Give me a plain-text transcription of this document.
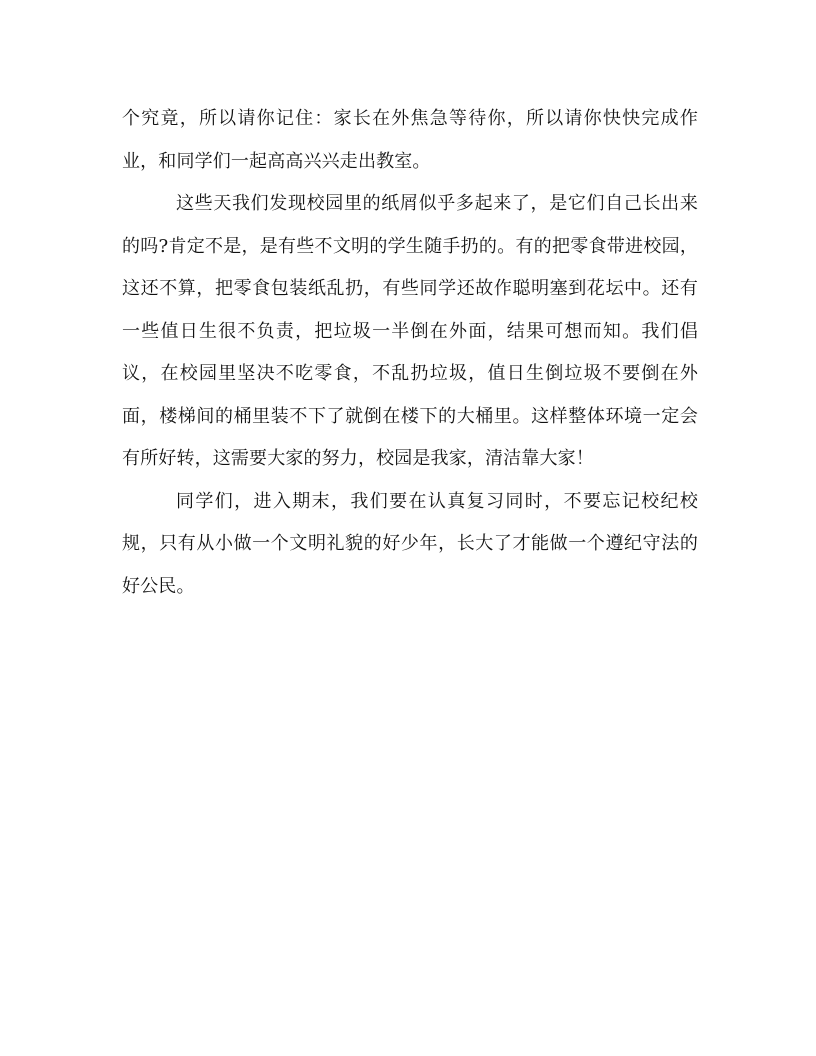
个究竟，所以请你记住：家长在外焦急等待你，所以请你快快完成作业，和同学们一起高高兴兴走出教室。

这些天我们发现校园里的纸屑似乎多起来了，是它们自己长出来的吗?肯定不是，是有些不文明的学生随手扔的。有的把零食带进校园，这还不算，把零食包装纸乱扔，有些同学还故作聪明塞到花坛中。还有一些值日生很不负责，把垃圾一半倒在外面，结果可想而知。我们倡议，在校园里坚决不吃零食，不乱扔垃圾，值日生倒垃圾不要倒在外面，楼梯间的桶里装不下了就倒在楼下的大桶里。这样整体环境一定会有所好转，这需要大家的努力，校园是我家，清洁靠大家！

同学们，进入期末，我们要在认真复习同时，不要忘记校纪校规，只有从小做一个文明礼貌的好少年，长大了才能做一个遵纪守法的好公民。
